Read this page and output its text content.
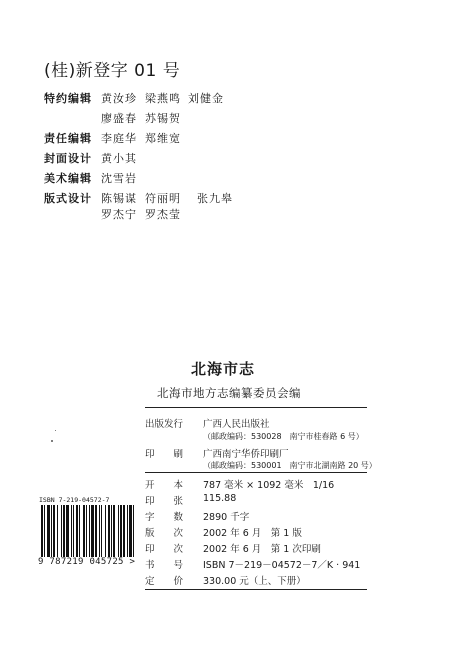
(桂)新登字 01 号
特约编辑 黄汝珍 梁燕鸣 刘健金
廖盛春 苏锡贺
责任编辑 李庭华 郑维宽
封面设计 黄小其
美术编辑 沈雪岩
版式设计 陈锡谋 符丽明 张九皋
罗杰宁 罗杰莹
北海市志
北海市地方志编纂委员会编
出版发行 广西人民出版社
（邮政编码：530028　南宁市桂春路 6 号）
印　　刷 广西南宁华侨印刷厂
（邮政编码：530001　南宁市北湖南路 20 号）
开　　本 787 毫米 × 1092 毫米　1/16
印　　张 115.88
字　　数 2890 千字
版　　次 2002 年 6 月　第 1 版
印　　次 2002 年 6 月　第 1 次印刷
书　　号 ISBN 7－219－04572－7／K · 941
定　　价 330.00 元（上、下册）
ISBN 7-219-04572-7
9 787219 045725 >
